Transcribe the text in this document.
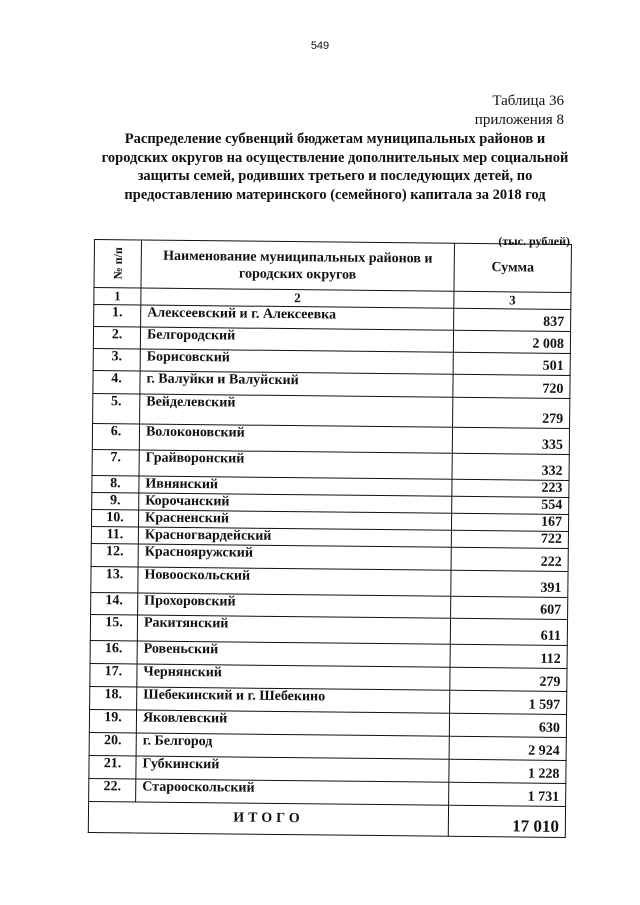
549
Таблица 36
приложения 8
Распределение субвенций бюджетам муниципальных районов и городских округов на осуществление дополнительных мер социальной защиты семей, родивших третьего и последующих детей, по предоставлению материнского (семейного) капитала за 2018 год
(тыс. рублей)
№ п/п	Наименование муниципальных районов и городских округов	Сумма
1	2	3
1.	Алексеевский и г. Алексеевка	837
2.	Белгородский	2 008
3.	Борисовский	501
4.	г. Валуйки и Валуйский	720
5.	Вейделевский	279
6.	Волоконовский	335
7.	Грайворонский	332
8.	Ивнянский	223
9.	Корочанский	554
10.	Красненский	167
11.	Красногвардейский	722
12.	Краснояружский	222
13.	Новооскольский	391
14.	Прохоровский	607
15.	Ракитянский	611
16.	Ровеньский	112
17.	Чернянский	279
18.	Шебекинский и г. Шебекино	1 597
19.	Яковлевский	630
20.	г. Белгород	2 924
21.	Губкинский	1 228
22.	Старооскольский	1 731
ИТОГО		17 010
